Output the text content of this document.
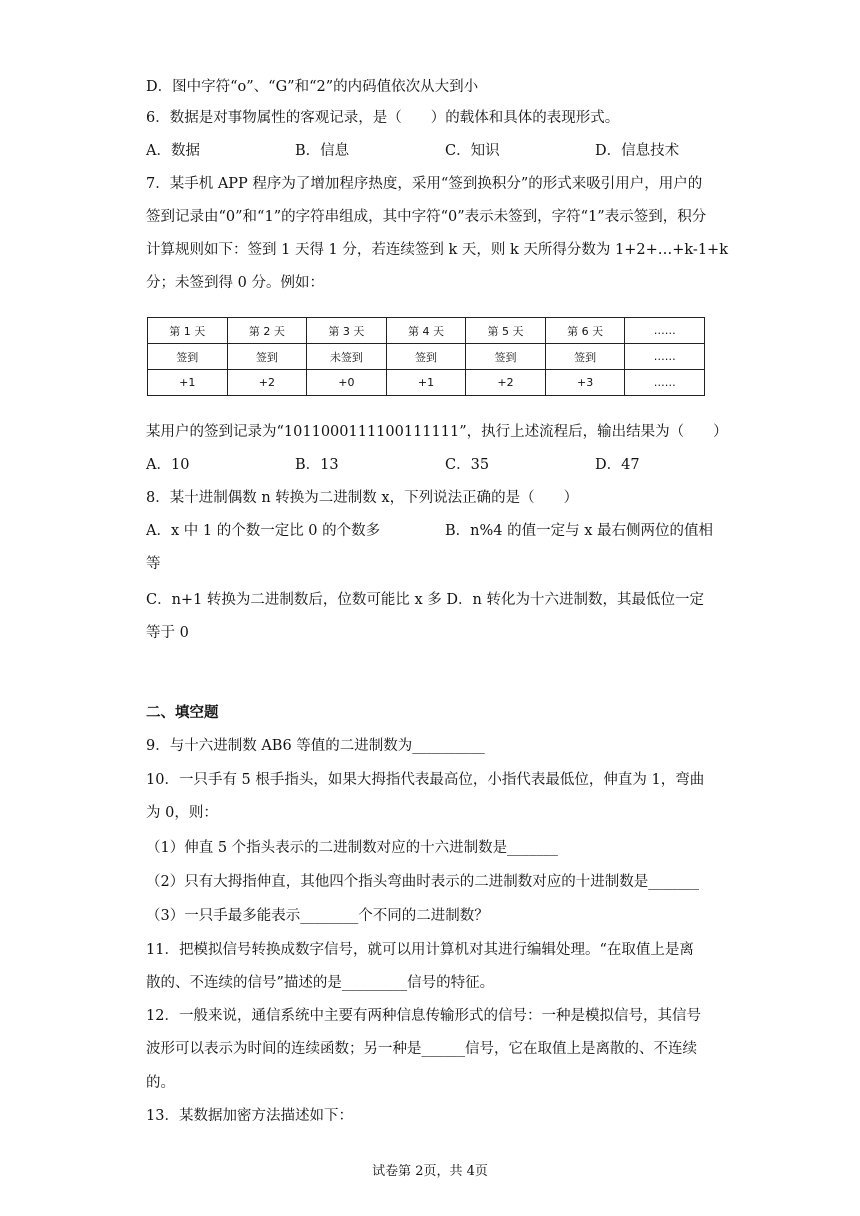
D．图中字符“o”、“G”和“2”的内码值依次从大到小
6．数据是对事物属性的客观记录，是（　　）的载体和具体的表现形式。
A．数据	B．信息	C．知识	D．信息技术
7．某手机 APP 程序为了增加程序热度，采用“签到换积分”的形式来吸引用户，用户的
签到记录由“0”和“1”的字符串组成，其中字符“0”表示未签到，字符“1”表示签到，积分
计算规则如下：签到 1 天得 1 分，若连续签到 k 天，则 k 天所得分数为 1+2+…+k-1+k
分；未签到得 0 分。例如：
第 1 天	第 2 天	第 3 天	第 4 天	第 5 天	第 6 天	……
签到	签到	未签到	签到	签到	签到	……
+1	+2	+0	+1	+2	+3	……
某用户的签到记录为“1011000111100111111”，执行上述流程后，输出结果为（　　）
A．10	B．13	C．35	D．47
8．某十进制偶数 n 转换为二进制数 x，下列说法正确的是（　　）
A．x 中 1 的个数一定比 0 的个数多	B．n%4 的值一定与 x 最右侧两位的值相
等
C．n+1 转换为二进制数后，位数可能比 x 多 D．n 转化为十六进制数，其最低位一定
等于 0
二、填空题
9．与十六进制数 AB6 等值的二进制数为__________
10．一只手有 5 根手指头，如果大拇指代表最高位，小指代表最低位，伸直为 1，弯曲
为 0，则：
（1）伸直 5 个指头表示的二进制数对应的十六进制数是_______
（2）只有大拇指伸直，其他四个指头弯曲时表示的二进制数对应的十进制数是_______
（3）一只手最多能表示________个不同的二进制数？
11．把模拟信号转换成数字信号，就可以用计算机对其进行编辑处理。“在取值上是离
散的、不连续的信号”描述的是_________信号的特征。
12．一般来说，通信系统中主要有两种信息传输形式的信号：一种是模拟信号，其信号
波形可以表示为时间的连续函数；另一种是______信号，它在取值上是离散的、不连续
的。
13．某数据加密方法描述如下：
试卷第 2页，共 4页
